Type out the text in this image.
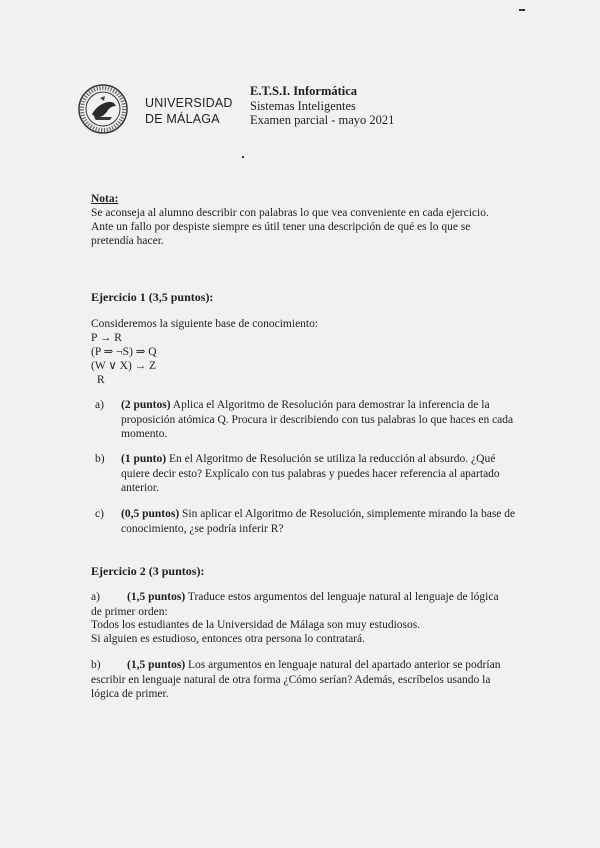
UNIVERSIDAD
DE MÁLAGA
E.T.S.I. Informática
Sistemas Inteligentes
Examen parcial - mayo 2021
Nota:
Se aconseja al alumno describir con palabras lo que vea conveniente en cada ejercicio.
Ante un fallo por despiste siempre es útil tener una descripción de qué es lo que se
pretendía hacer.
Ejercicio 1 (3,5 puntos):
Consideremos la siguiente base de conocimiento:
P → R
(P ⇒ ¬S) ⇒ Q
(W ∨ X) → Z
R
a)	(2 puntos) Aplica el Algoritmo de Resolución para demostrar la inferencia de la proposición atómica Q. Procura ir describiendo con tus palabras lo que haces en cada momento.
b)	(1 punto) En el Algoritmo de Resolución se utiliza la reducción al absurdo. ¿Qué quiere decir esto? Explícalo con tus palabras y puedes hacer referencia al apartado anterior.
c)	(0,5 puntos) Sin aplicar el Algoritmo de Resolución, simplemente mirando la base de conocimiento, ¿se podría inferir R?
Ejercicio 2 (3 puntos):
a)	(1,5 puntos) Traduce estos argumentos del lenguaje natural al lenguaje de lógica de primer orden:
Todos los estudiantes de la Universidad de Málaga son muy estudiosos.
Si alguien es estudioso, entonces otra persona lo contratará.
b)	(1,5 puntos) Los argumentos en lenguaje natural del apartado anterior se podrían escribir en lenguaje natural de otra forma ¿Cómo serían? Además, escríbelos usando la lógica de primer.
